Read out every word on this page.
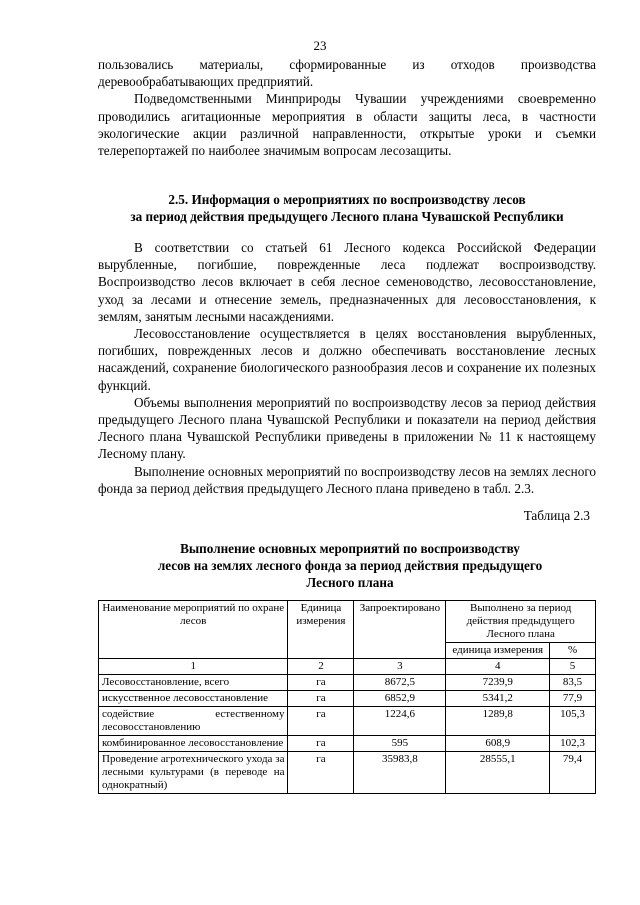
23

пользовались материалы, сформированные из отходов производства деревообрабатывающих предприятий.

Подведомственными Минприроды Чувашии учреждениями своевременно проводились агитационные мероприятия в области защиты леса, в частности экологические акции различной направленности, открытые уроки и съемки телерепортажей по наиболее значимым вопросам лесозащиты.

2.5. Информация о мероприятиях по воспроизводству лесов
за период действия предыдущего Лесного плана Чувашской Республики

В соответствии со статьей 61 Лесного кодекса Российской Федерации вырубленные, погибшие, поврежденные леса подлежат воспроизводству. Воспроизводство лесов включает в себя лесное семеноводство, лесовосстановление, уход за лесами и отнесение земель, предназначенных для лесовосстановления, к землям, занятым лесными насаждениями.

Лесовосстановление осуществляется в целях восстановления вырубленных, погибших, поврежденных лесов и должно обеспечивать восстановление лесных насаждений, сохранение биологического разнообразия лесов и сохранение их полезных функций.

Объемы выполнения мероприятий по воспроизводству лесов за период действия предыдущего Лесного плана Чувашской Республики и показатели на период действия Лесного плана Чувашской Республики приведены в приложении № 11 к настоящему Лесному плану.

Выполнение основных мероприятий по воспроизводству лесов на землях лесного фонда за период действия предыдущего Лесного плана приведено в табл. 2.3.

Таблица 2.3
Выполнение основных мероприятий по воспроизводству
лесов на землях лесного фонда за период действия предыдущего
Лесного плана
Наименование мероприятий по охране лесов	Единица измерения	Запроектировано	Выполнено за период действия предыдущего Лесного плана	
			единица измерения	%
1	2	3	4	5
Лесовосстановление, всего	га	8672,5	7239,9	83,5
искусственное лесовосстановление	га	6852,9	5341,2	77,9
содействие естественному лесовосстановлению	га	1224,6	1289,8	105,3
комбинированное лесовосстановление	га	595	608,9	102,3
Проведение агротехнического ухода за лесными культурами (в переводе на однократный)	га	35983,8	28555,1	79,4
